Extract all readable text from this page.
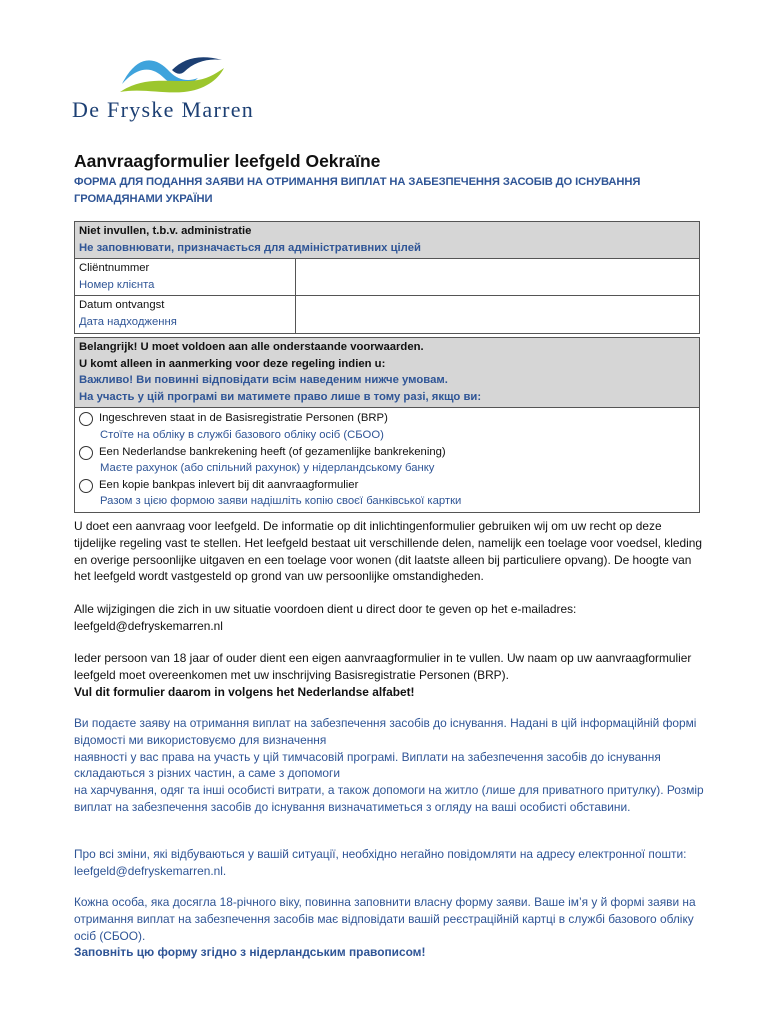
De Fryske Marren
Aanvraagformulier leefgeld Oekraïne
ФОРМА ДЛЯ ПОДАННЯ ЗАЯВИ НА ОТРИМАННЯ ВИПЛАТ НА ЗАБЕЗПЕЧЕННЯ ЗАСОБІВ ДО ІСНУВАННЯ ГРОМАДЯНАМИ УКРАЇНИ
Niet invullen, t.b.v. administratie
Не заповнювати, призначається для адміністративних цілей
Cliëntnummer
Номер клієнта
Datum ontvangst
Дата надходження
Belangrijk! U moet voldoen aan alle onderstaande voorwaarden.
U komt alleen in aanmerking voor deze regeling indien u:
Важливо! Ви повинні відповідати всім наведеним нижче умовам.
На участь у цій програмі ви матимете право лише в тому разі, якщо ви:
Ingeschreven staat in de Basisregistratie Personen (BRP)
Стоїте на обліку в службі базового обліку осіб (СБОО)
Een Nederlandse bankrekening heeft (of gezamenlijke bankrekening)
Маєте рахунок (або спільний рахунок) у нідерландському банку
Een kopie bankpas inlevert bij dit aanvraagformulier
Разом з цією формою заяви надішліть копію своєї банківської картки
U doet een aanvraag voor leefgeld. De informatie op dit inlichtingenformulier gebruiken wij om uw recht op deze tijdelijke regeling vast te stellen. Het leefgeld bestaat uit verschillende delen, namelijk een toelage voor voedsel, kleding en overige persoonlijke uitgaven en een toelage voor wonen (dit laatste alleen bij particuliere opvang). De hoogte van het leefgeld wordt vastgesteld op grond van uw persoonlijke omstandigheden.
Alle wijzigingen die zich in uw situatie voordoen dient u direct door te geven op het e-mailadres:
leefgeld@defryskemarren.nl
Ieder persoon van 18 jaar of ouder dient een eigen aanvraagformulier in te vullen. Uw naam op uw aanvraagformulier leefgeld moet overeenkomen met uw inschrijving Basisregistratie Personen (BRP).
Vul dit formulier daarom in volgens het Nederlandse alfabet!
Ви подаєте заяву на отримання виплат на забезпечення засобів до існування. Надані в цій інформаційній формі відомості ми використовуємо для визначення
наявності у вас права на участь у цій тимчасовій програмі. Виплати на забезпечення засобів до існування складаються з різних частин, а саме з допомоги
на харчування, одяг та інші особисті витрати, а також допомоги на житло (лише для приватного притулку). Розмір виплат на забезпечення засобів до існування визначатиметься з огляду на ваші особисті обставини.
Про всі зміни, які відбуваються у вашій ситуації, необхідно негайно повідомляти на адресу електронної пошти: leefgeld@defryskemarren.nl.
Кожна особа, яка досягла 18-річного віку, повинна заповнити власну форму заяви. Ваше ім’я у й формі заяви на отримання виплат на забезпечення засобів має відповідати вашій реєстраційній картці в службі базового обліку осіб (СБОО).
Заповніть цю форму згідно з нідерландським правописом!
